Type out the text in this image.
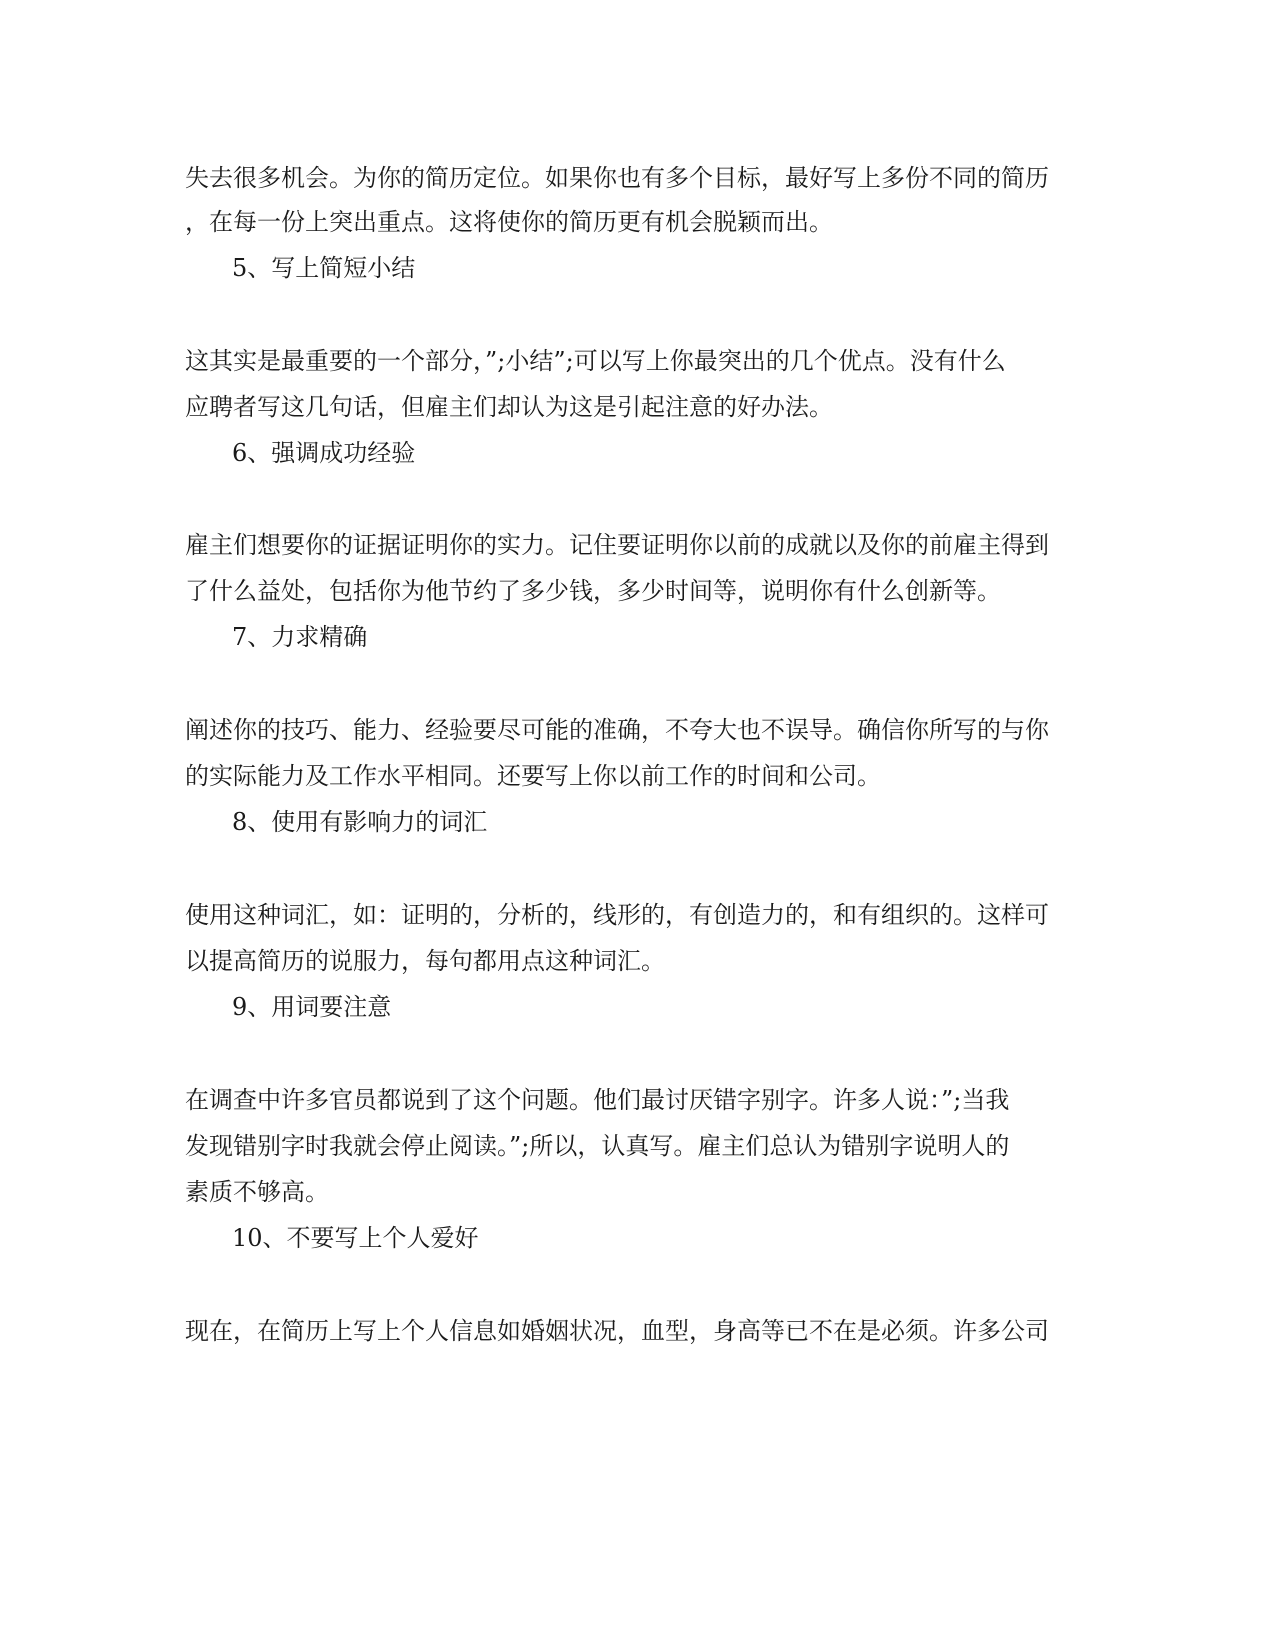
失去很多机会。为你的简历定位。如果你也有多个目标，最好写上多份不同的简历
，在每一份上突出重点。这将使你的简历更有机会脱颖而出。
5、写上简短小结
这其实是最重要的一个部分，”;小结”;可以写上你最突出的几个优点。没有什么
应聘者写这几句话，但雇主们却认为这是引起注意的好办法。
6、强调成功经验
雇主们想要你的证据证明你的实力。记住要证明你以前的成就以及你的前雇主得到
了什么益处，包括你为他节约了多少钱，多少时间等，说明你有什么创新等。
7、力求精确
阐述你的技巧、能力、经验要尽可能的准确，不夸大也不误导。确信你所写的与你
的实际能力及工作水平相同。还要写上你以前工作的时间和公司。
8、使用有影响力的词汇
使用这种词汇，如：证明的，分析的，线形的，有创造力的，和有组织的。这样可
以提高简历的说服力，每句都用点这种词汇。
9、用词要注意
在调查中许多官员都说到了这个问题。他们最讨厌错字别字。许多人说：”;当我
发现错别字时我就会停止阅读。”;所以，认真写。雇主们总认为错别字说明人的
素质不够高。
10、不要写上个人爱好
现在，在简历上写上个人信息如婚姻状况，血型，身高等已不在是必须。许多公司
